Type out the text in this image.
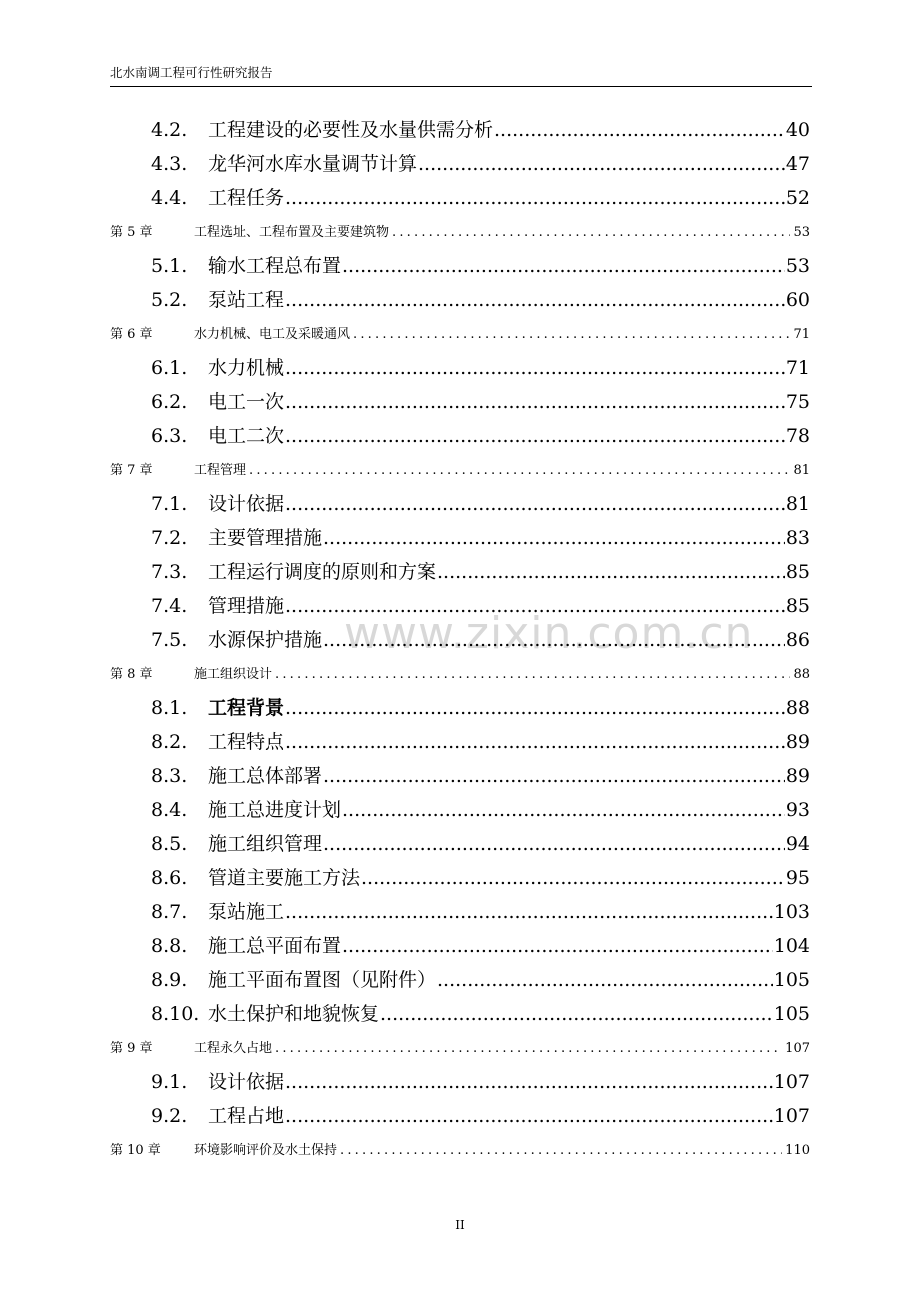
北水南调工程可行性研究报告
www.zixin.com.cn
4.2.	工程建设的必要性及水量供需分析 .....	40
4.3.	龙华河水库水量调节计算 .....	47
4.4.	工程任务 .....	52
第 5 章	工程选址、工程布置及主要建筑物 .....	53
5.1.	输水工程总布置 .....	53
5.2.	泵站工程 .....	60
第 6 章	水力机械、电工及采暖通风 .....	71
6.1.	水力机械 .....	71
6.2.	电工一次 .....	75
6.3.	电工二次 .....	78
第 7 章	工程管理 .....	81
7.1.	设计依据 .....	81
7.2.	主要管理措施 .....	83
7.3.	工程运行调度的原则和方案 .....	85
7.4.	管理措施 .....	85
7.5.	水源保护措施 .....	86
第 8 章	施工组织设计 .....	88
8.1.	工程背景 .....	88
8.2.	工程特点 .....	89
8.3.	施工总体部署 .....	89
8.4.	施工总进度计划 .....	93
8.5.	施工组织管理 .....	94
8.6.	管道主要施工方法 .....	95
8.7.	泵站施工 .....	103
8.8.	施工总平面布置 .....	104
8.9.	施工平面布置图（见附件） .....	105
8.10. 水土保护和地貌恢复 .....	105
第 9 章	工程永久占地 .....	107
9.1.	设计依据 .....	107
9.2.	工程占地 .....	107
第 10 章	环境影响评价及水土保持 .....	110
II
